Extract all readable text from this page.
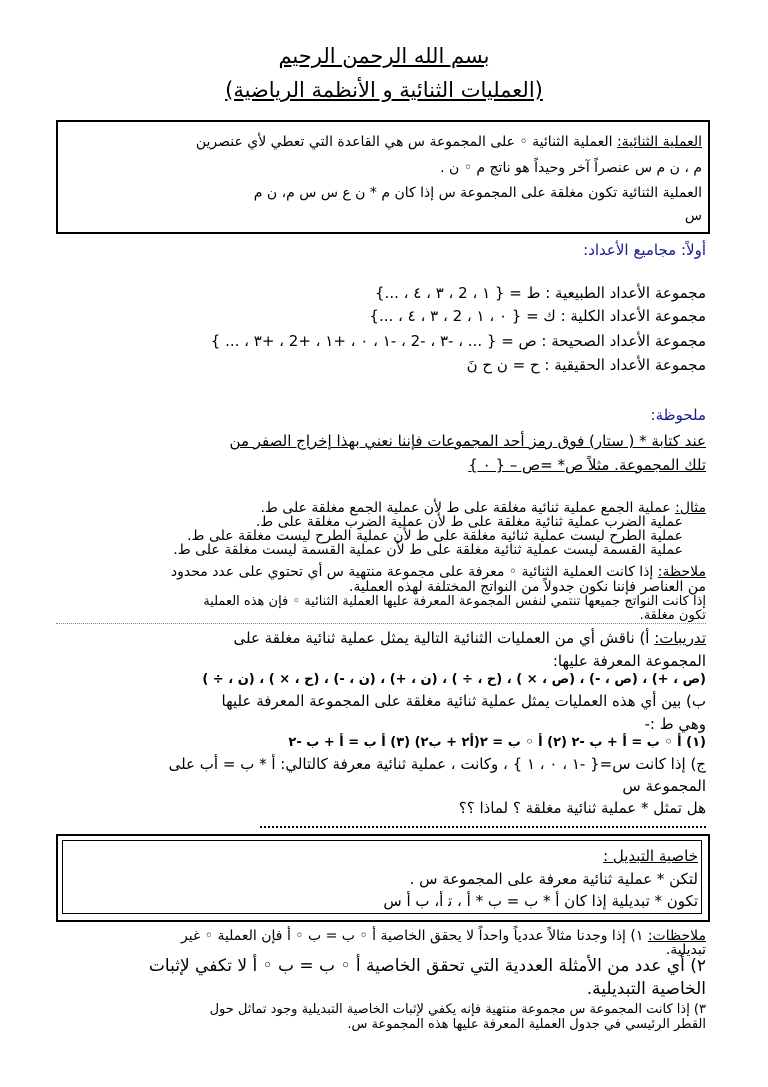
بسم الله الرحمن الرحيم
(العمليات الثنائية و الأنظمة الرياضية)
العملية الثنائية: العملية الثنائية ◦ على المجموعة س هي القاعدة التي تعطي لأي عنصرين
م ، ن م س عنصراً آخر وحيداً هو ناتج م ◦ ن .
العملية الثنائية تكون مغلقة على المجموعة س إذا كان م * ن ع س س م، ن م
س
أولاً: مجاميع الأعداد:
مجموعة الأعداد الطبيعية : ط = { ١ ، 2 ، ٣ ، ٤ ، ...}
مجموعة الأعداد الكلية : ك = { ٠ ، ١ ، 2 ، ٣ ، ٤ ، ...}
مجموعة الأعداد الصحيحة : ص = { ... ، -٣ ، -2 ، -١ ، ٠ ، +١ ، +2 ، +٣ ، ... }
مجموعة الأعداد الحقيقية : ح = ن ح نَ
ملحوظة:
عند كتابة * ( ستار) فوق رمز أحد المجموعات فإننا نعني بهذا إخراج الصفر من
تلك المجموعة. مثلاً ص* =ص – { ٠ }
مثال: عملية الجمع عملية ثنائية مغلقة على ط لأن عملية الجمع مغلقة على ط.
عملية الضرب عملية ثنائية مغلقة على ط لأن عملية الضرب مغلقة على ط.
عملية الطرح ليست عملية ثنائية مغلقة على ط لأن عملية الطرح ليست مغلقة على ط.
عملية القسمة ليست عملية ثنائية مغلقة على ط لأن عملية القسمة ليست مغلقة على ط.
ملاحظة: إذا كانت العملية الثنائية ◦ معرفة على مجموعة منتهية س أي تحتوي على عدد محدود
من العناصر فإننا نكون جدولاً من النواتج المختلفة لهذه العملية.
إذا كانت النواتج جميعها تنتمي لنفس المجموعة المعرفة عليها العملية الثنائية ◦ فإن هذه العملية
تكون مغلقة.
تدريبات: أ) ناقش أي من العمليات الثنائية التالية يمثل عملية ثنائية مغلقة على
المجموعة المعرفة عليها:
(ص ، +) ، (ص ، -) ، (ص ، × ) ، (ح ، ÷ ) ، (ن ، +) ، (ن ، -) ، (ح ، × ) ، (ن ، ÷ )
ب) بين أي هذه العمليات يمثل عملية ثنائية مغلقة على المجموعة المعرفة عليها
وهي ط :-
(١) أ ◦ ب = أ + ب -٢ (٢) أ ◦ ب = ٢(أ٢ + ب٢) (٣) أ ب = أ + ب -٢
ج) إذا كانت س={ -١ ، ٠ ، ١ } ، وكانت ، عملية ثنائية معرفة كالتالي: أ * ب = أب على
المجموعة س
هل تمثل * عملية ثنائية مغلقة ؟ لماذا ؟؟
خاصية التبديل :
لتكن * عملية ثنائية معرفة على المجموعة س .
تكون * تبديلية إذا كان أ * ب = ب * أ ، ﺗ أ، ب أ س
ملاحظات: ١) إذا وجدنا مثالاً عددياً واحداً لا يحقق الخاصية أ ◦ ب = ب ◦ أ فإن العملية ◦ غير
تبديلية.
٢) أي عدد من الأمثلة العددية التي تحقق الخاصية أ ◦ ب = ب ◦ أ لا تكفي لإثبات
الخاصية التبديلية.
٣) إذا كانت المجموعة س مجموعة منتهية فإنه يكفي لإثبات الخاصية التبديلية وجود تماثل حول
القطر الرئيسي في جدول العملية المعرفة عليها هذه المجموعة س.
